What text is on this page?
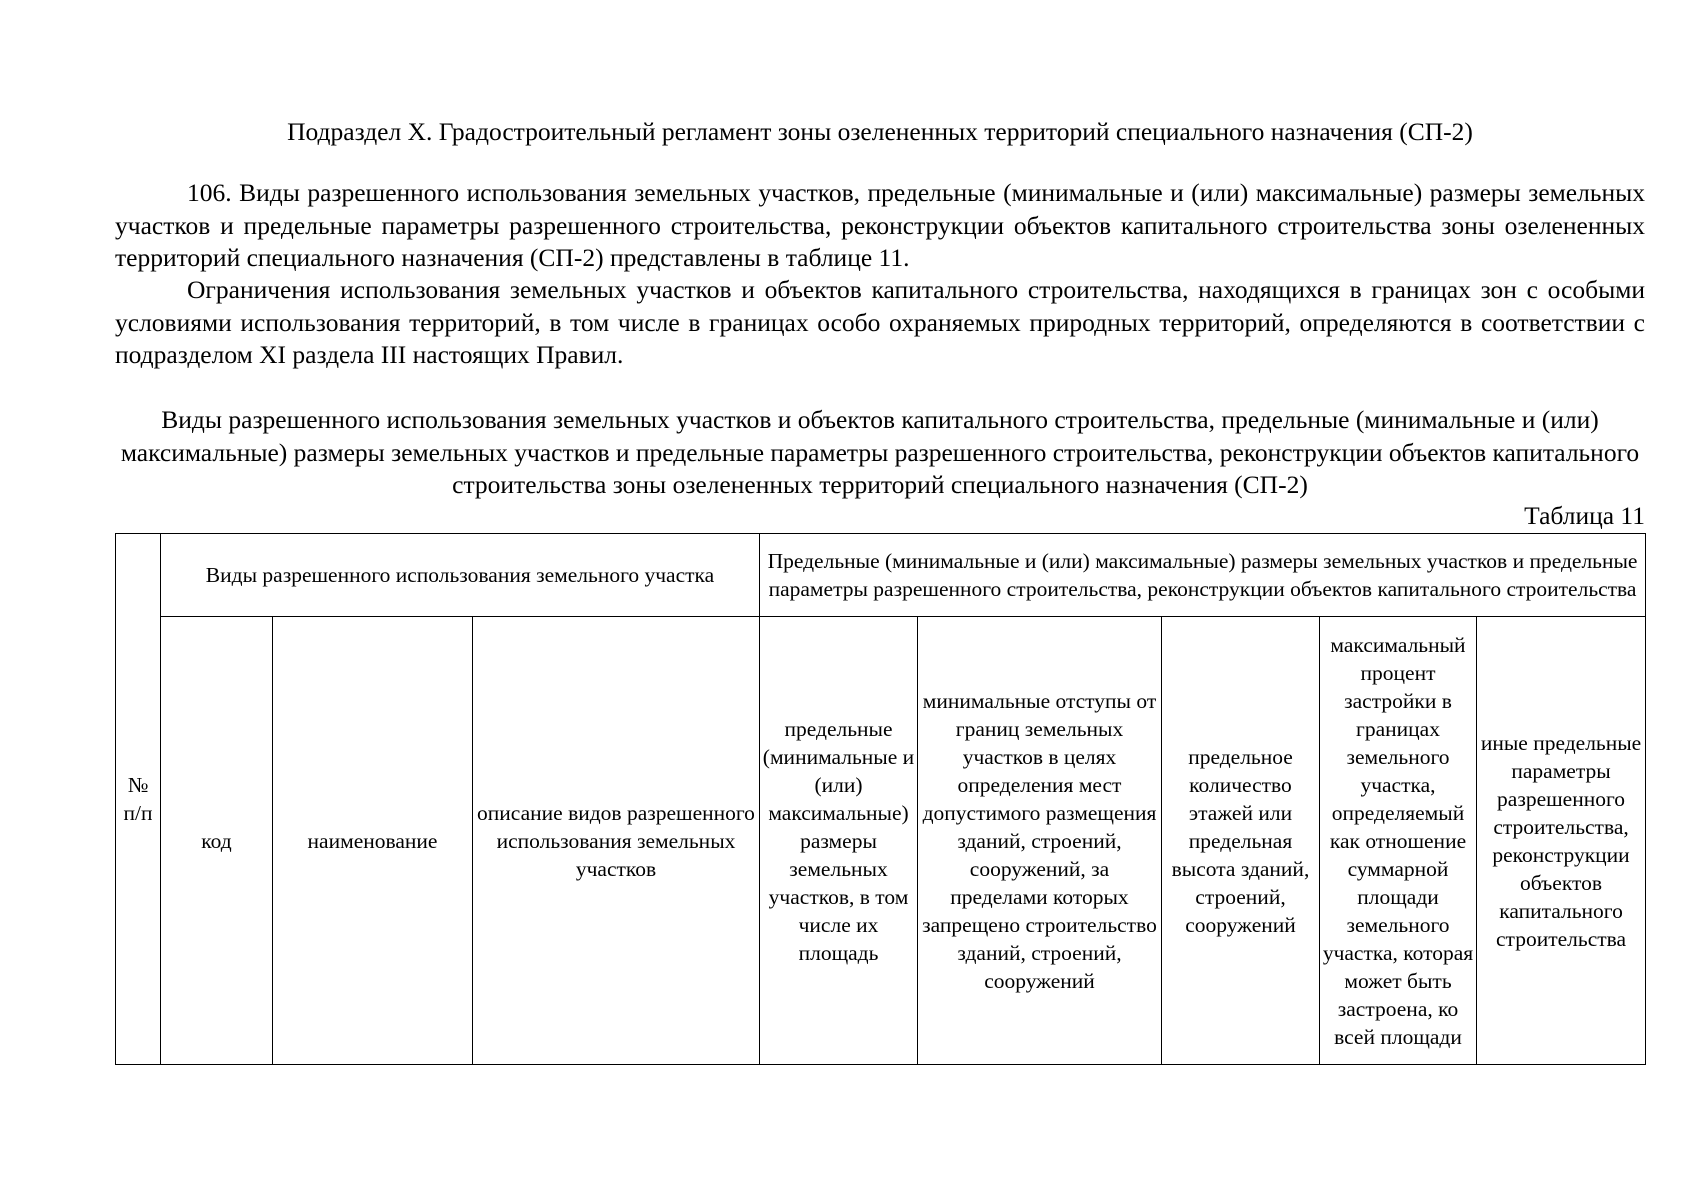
Подраздел X. Градостроительный регламент зоны озелененных территорий специального назначения (СП-2)
106. Виды разрешенного использования земельных участков, предельные (минимальные и (или) максимальные) размеры земельных участков и предельные параметры разрешенного строительства, реконструкции объектов капитального строительства зоны озелененных территорий специального назначения (СП-2) представлены в таблице 11.
Ограничения использования земельных участков и объектов капитального строительства, находящихся в границах зон с особыми условиями использования территорий, в том числе в границах особо охраняемых природных территорий, определяются в соответствии с подразделом XI раздела III настоящих Правил.
Виды разрешенного использования земельных участков и объектов капитального строительства, предельные (минимальные и (или) максимальные) размеры земельных участков и предельные параметры разрешенного строительства, реконструкции объектов капитального строительства зоны озелененных территорий специального назначения (СП-2)
Таблица 11
№ п/п	Виды разрешенного использования земельного участка			Предельные (минимальные и (или) максимальные) размеры земельных участков и предельные параметры разрешенного строительства, реконструкции объектов капитального строительства				
	код	наименование	описание видов разрешенного использования земельных участков	предельные (минимальные и (или) максимальные) размеры земельных участков, в том числе их площадь	минимальные отступы от границ земельных участков в целях определения мест допустимого размещения зданий, строений, сооружений, за пределами которых запрещено строительство зданий, строений, сооружений	предельное количество этажей или предельная высота зданий, строений, сооружений	максимальный процент застройки в границах земельного участка, определяемый как отношение суммарной площади земельного участка, которая может быть застроена, ко всей площади	иные предельные параметры разрешенного строительства, реконструкции объектов капитального строительства
